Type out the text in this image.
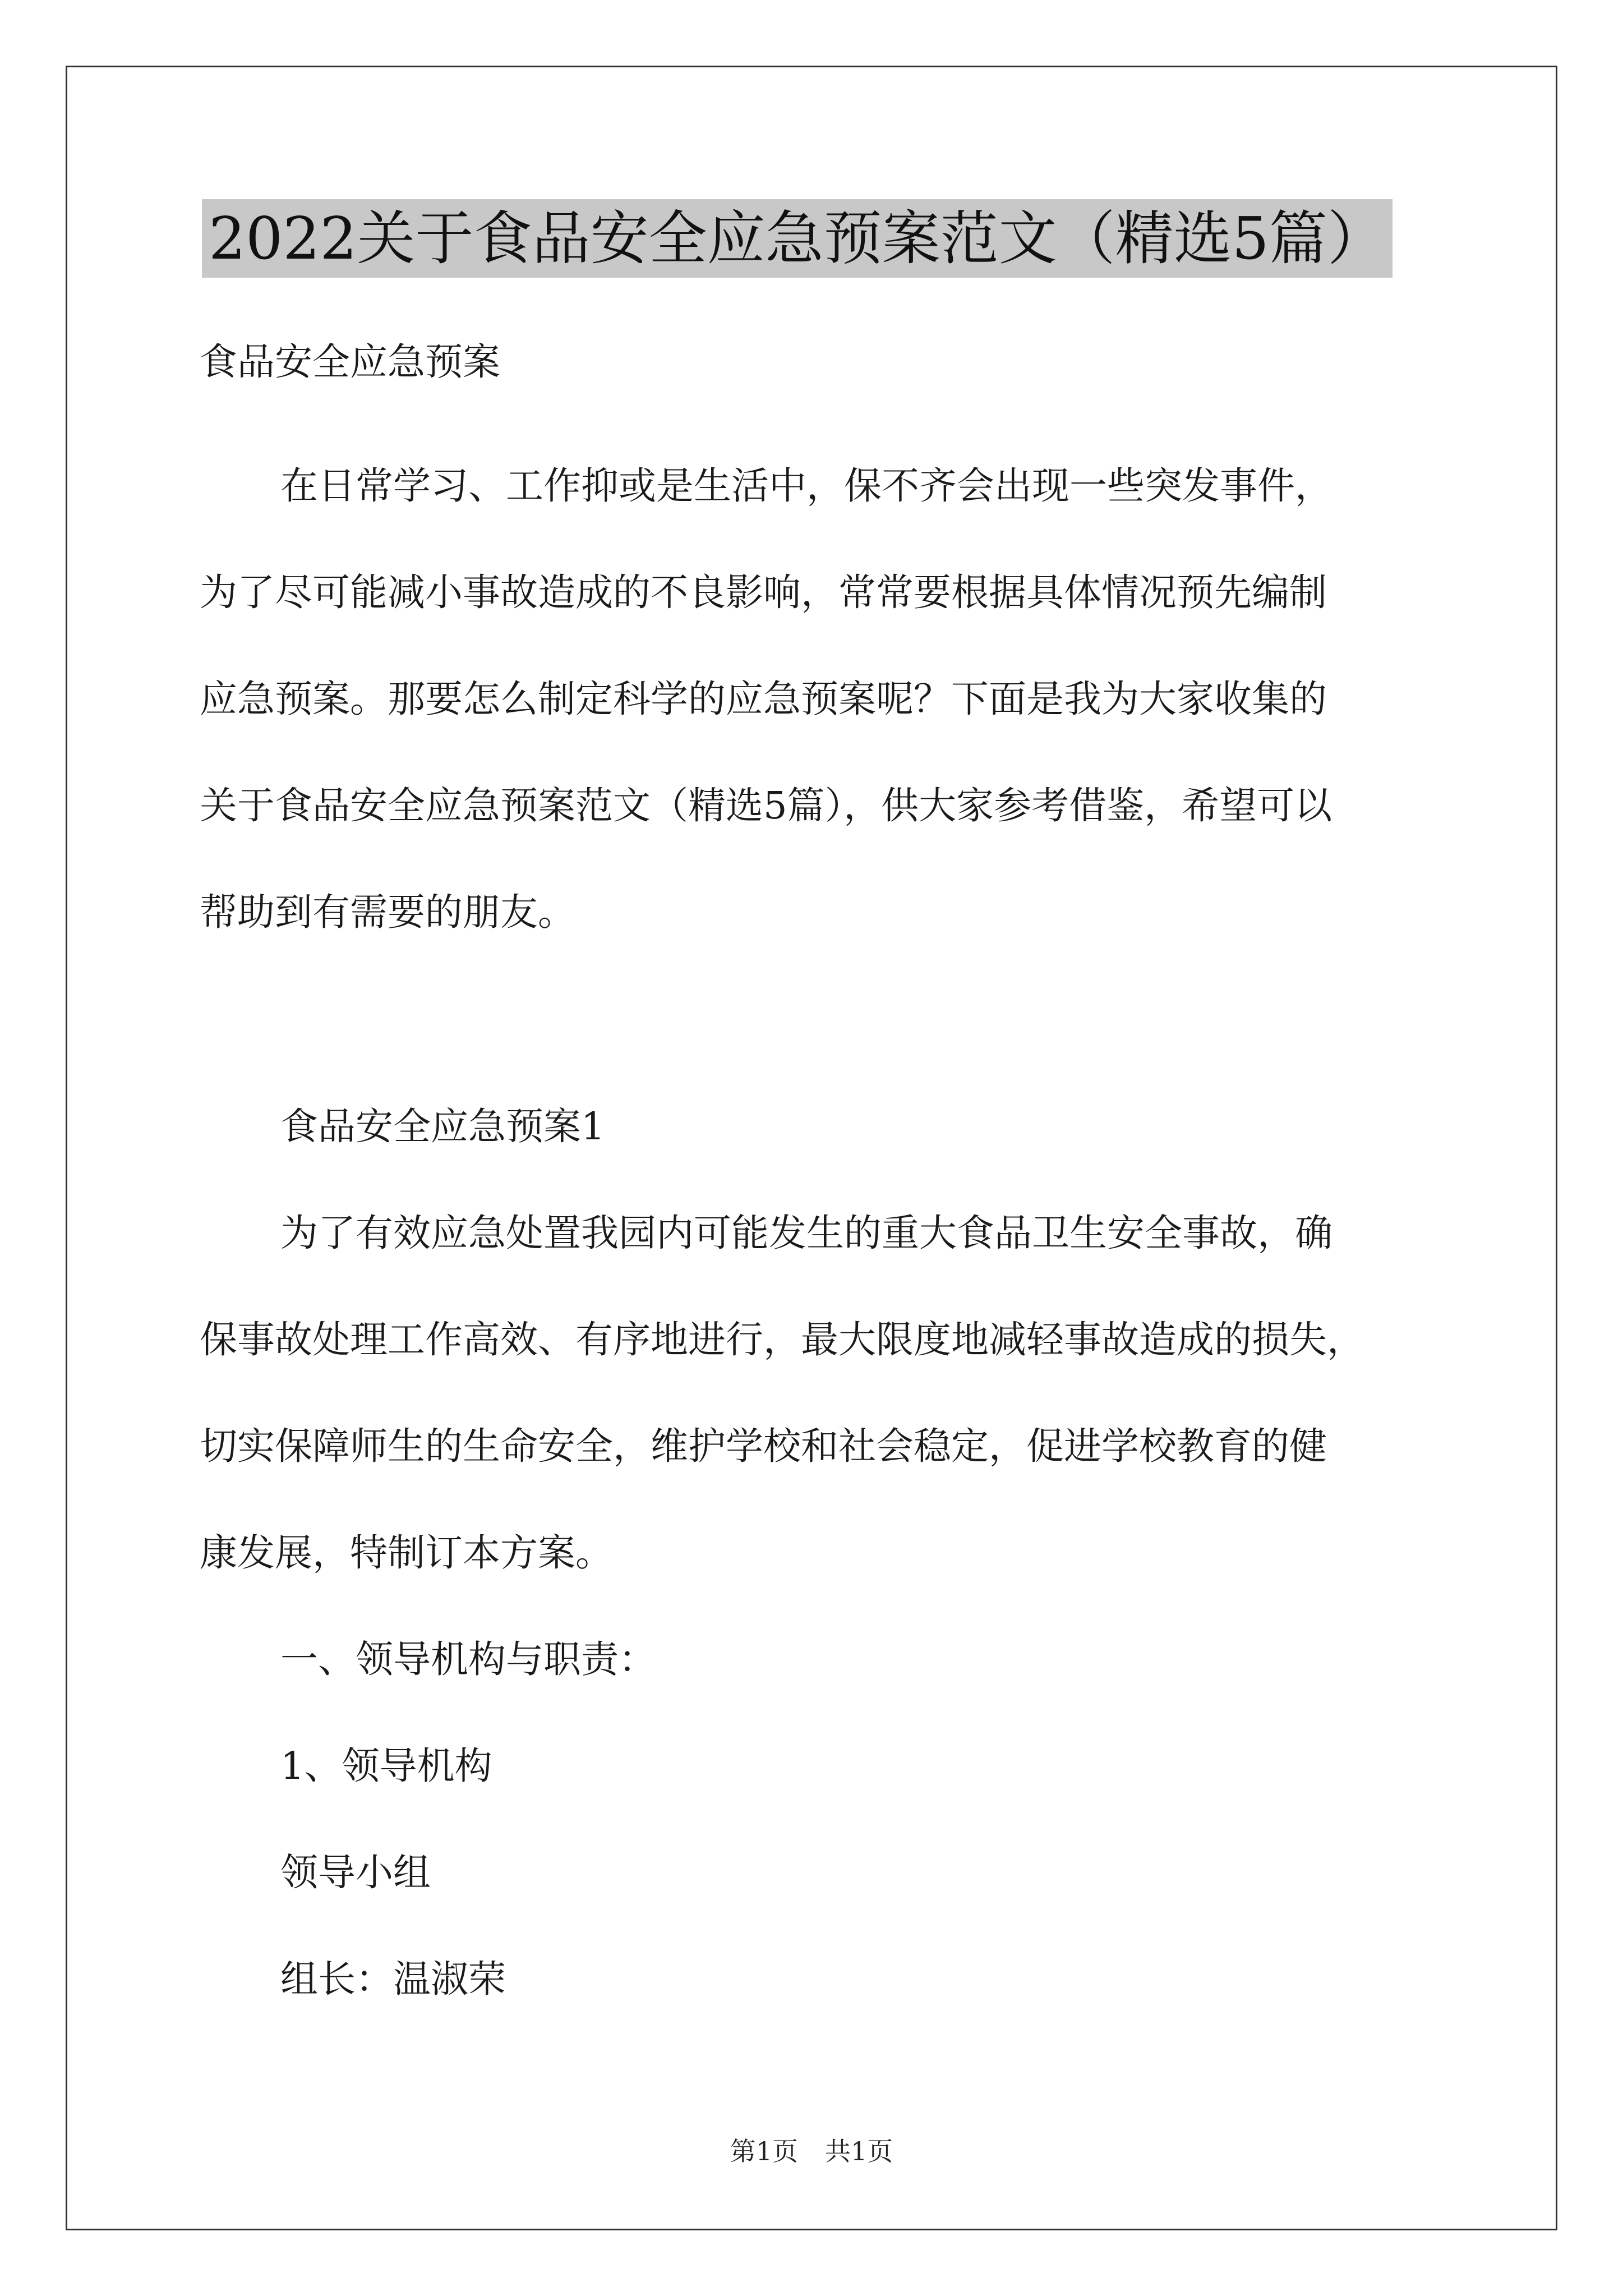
2022关于食品安全应急预案范文（精选5篇）
食品安全应急预案
在日常学习、工作抑或是生活中，保不齐会出现一些突发事件，
为了尽可能减小事故造成的不良影响，常常要根据具体情况预先编制
应急预案。那要怎么制定科学的应急预案呢？下面是我为大家收集的
关于食品安全应急预案范文（精选5篇），供大家参考借鉴，希望可以
帮助到有需要的朋友。
食品安全应急预案1
为了有效应急处置我园内可能发生的重大食品卫生安全事故，确
保事故处理工作高效、有序地进行，最大限度地减轻事故造成的损失，
切实保障师生的生命安全，维护学校和社会稳定，促进学校教育的健
康发展，特制订本方案。
一、领导机构与职责：
1、领导机构
领导小组
组长：温淑荣
第1页 共1页
